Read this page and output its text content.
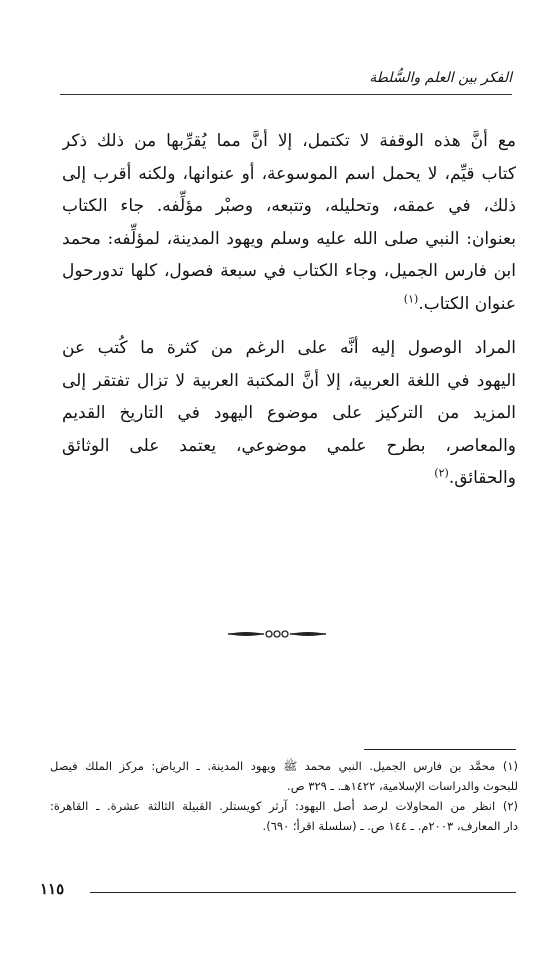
الفكر بين العلم والسُّلطة
مع أنَّ هذه الوقفة لا تكتمل، إلا أنَّ مما يُقرِّبها من ذلك ذكر
كتاب قيِّم، لا يحمل اسم الموسوعة، أو عنوانها، ولكنه أقرب إلى
ذلك، في عمقه، وتحليله، وتتبعه، وصبْر مؤلِّفه. جاء الكتاب
بعنوان: النبي صلى الله عليه وسلم ويهود المدينة، لمؤلِّفه: محمد
ابن فارس الجميل، وجاء الكتاب في سبعة فصول، كلها تدورحول
عنوان الكتاب.$^{(١)}$
المراد الوصول إليه أنَّه على الرغم من كثرة ما كُتب عن
اليهود في اللغة العربية، إلا أنَّ المكتبة العربية لا تزال تفتقر إلى
المزيد من التركيز على موضوع اليهود في التاريخ القديم
والمعاصر، بطرح علمي موضوعي، يعتمد على الوثائق
والحقائق.$^{(٢)}$
(١) محمَّد بن فارس الجميل. النبي محمد ﷺ ويهود المدينة. ـ الرياض: مركز الملك فيصل
للبحوث والدراسات الإسلامية، ١٤٢٢هـ. ـ ٣٢٩ ص.
(٢) انظر من المحاولات لرصد أصل اليهود: آرثر كويستلر. القبيلة الثالثة عشرة. ـ القاهرة:
دار المعارف، ٢٠٠٣م. ـ ١٤٤ ص. ـ (سلسلة اقرأ؛ ٦٩٠).
١١٥
